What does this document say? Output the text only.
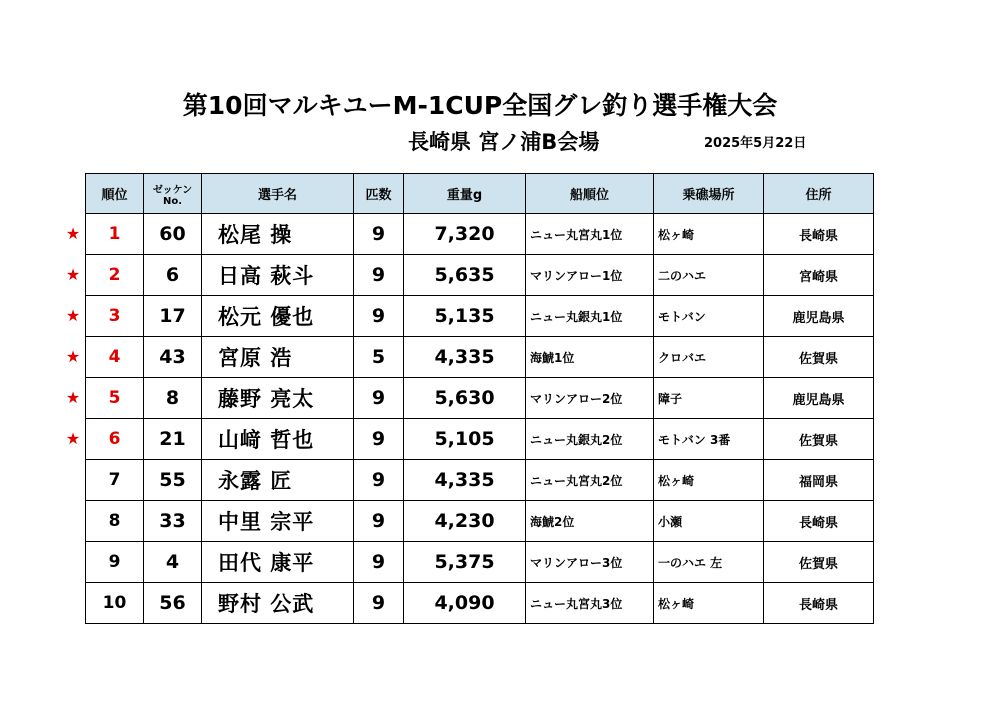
第10回マルキユーM-1CUP全国グレ釣り選手権大会
長崎県 宮ノ浦B会場	2025年5月22日
★
★
★
★
★
★
順位	ゼッケンNo.	選手名	匹数	重量g	船順位	乗礁場所	住所
1	60	松尾 操	9	7,320	ニュー丸宮丸1位	松ヶ崎	長崎県
2	6	日高 萩斗	9	5,635	マリンアロー1位	二のハエ	宮崎県
3	17	松元 優也	9	5,135	ニュー丸銀丸1位	モトバン	鹿児島県
4	43	宮原 浩	5	4,335	海鯱1位	クロバエ	佐賀県
5	8	藤野 亮太	9	5,630	マリンアロー2位	障子	鹿児島県
6	21	山﨑 哲也	9	5,105	ニュー丸銀丸2位	モトバン 3番	佐賀県
7	55	永露 匠	9	4,335	ニュー丸宮丸2位	松ヶ崎	福岡県
8	33	中里 宗平	9	4,230	海鯱2位	小瀬	長崎県
9	4	田代 康平	9	5,375	マリンアロー3位	一のハエ 左	佐賀県
10	56	野村 公武	9	4,090	ニュー丸宮丸3位	松ヶ崎	長崎県
